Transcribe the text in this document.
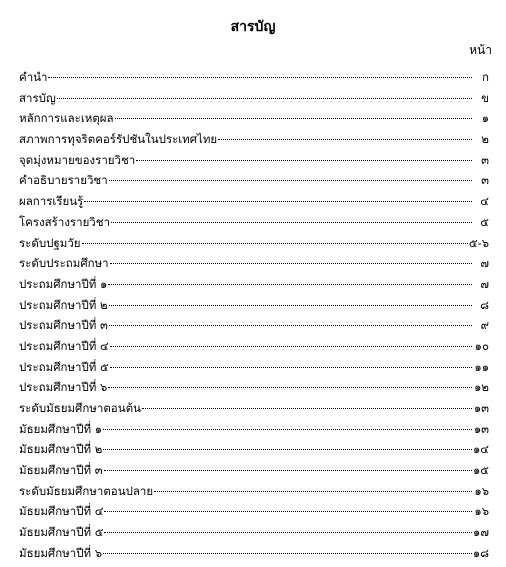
สารบัญ
หน้า
คำนำ	ก
สารบัญ	ข
หลักการและเหตุผล	๑
สภาพการทุจริตคอร์รัปชันในประเทศไทย	๒
จุดมุ่งหมายของรายวิชา	๓
คำอธิบายรายวิชา	๓
ผลการเรียนรู้	๔
โครงสร้างรายวิชา	๕
ระดับปฐมวัย	๕-๖
ระดับประถมศึกษา	๗
ประถมศึกษาปีที่ ๑	๗
ประถมศึกษาปีที่ ๒	๘
ประถมศึกษาปีที่ ๓	๙
ประถมศึกษาปีที่ ๔	๑๐
ประถมศึกษาปีที่ ๕	๑๑
ประถมศึกษาปีที่ ๖	๑๒
ระดับมัธยมศึกษาตอนต้น	๑๓
มัธยมศึกษาปีที่ ๑	๑๓
มัธยมศึกษาปีที่ ๒	๑๔
มัธยมศึกษาปีที่ ๓	๑๕
ระดับมัธยมศึกษาตอนปลาย	๑๖
มัธยมศึกษาปีที่ ๔	๑๖
มัธยมศึกษาปีที่ ๕	๑๗
มัธยมศึกษาปีที่ ๖	๑๘
